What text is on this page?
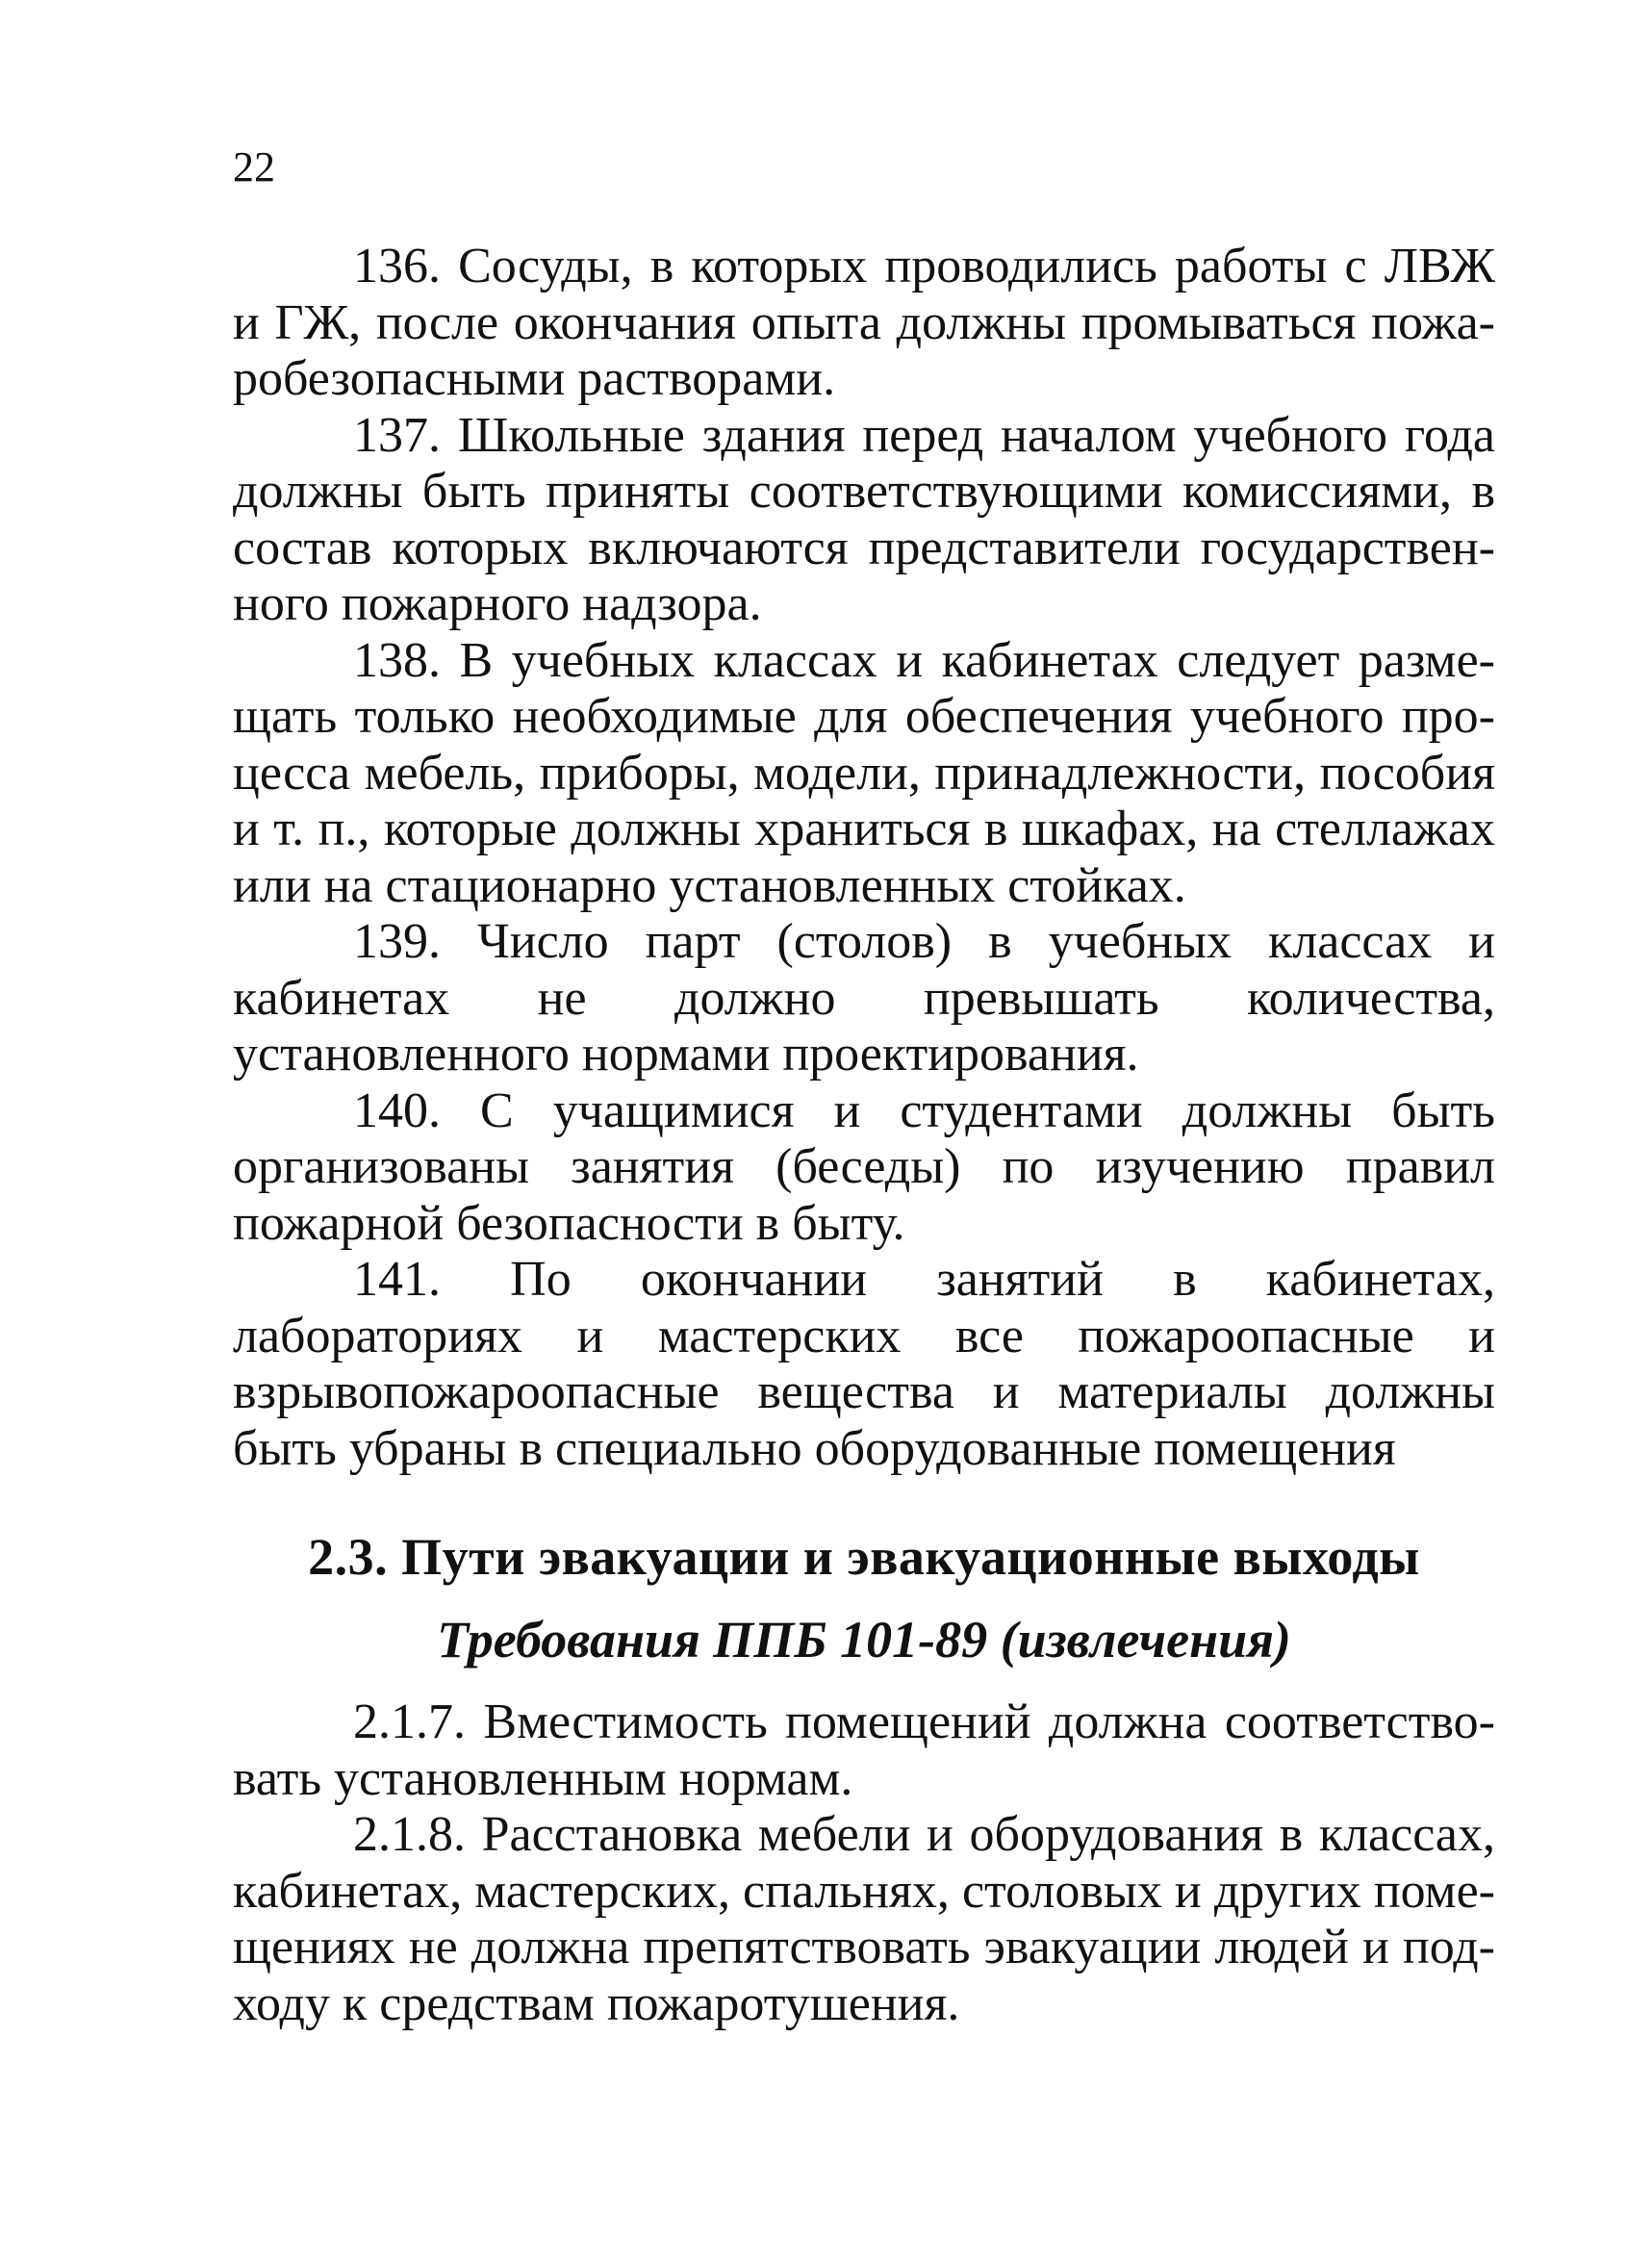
22

136. Сосуды, в которых проводились работы с ЛВЖ и ГЖ, после окончания опыта должны промываться пожаробезопасными растворами.

137. Школьные здания перед началом учебного года должны быть приняты соответствующими комиссиями, в состав которых включаются представители государственного пожарного надзора.

138. В учебных классах и кабинетах следует размещать только необходимые для обеспечения учебного процесса мебель, приборы, модели, принадлежности, пособия и т. п., которые должны храниться в шкафах, на стеллажах или на стационарно установленных стойках.

139. Число парт (столов) в учебных классах и кабинетах не должно превышать количества, установленного нормами проектирования.

140. С учащимися и студентами должны быть организованы занятия (беседы) по изучению правил пожарной безопасности в быту.

141. По окончании занятий в кабинетах, лабораториях и мастерских все пожароопасные и взрывопожароопасные вещества и материалы должны быть убраны в специально оборудованные помещения

2.3. Пути эвакуации и эвакуационные выходы
Требования ППБ 101-89 (извлечения)

2.1.7. Вместимость помещений должна соответствовать установленным нормам.

2.1.8. Расстановка мебели и оборудования в классах, кабинетах, мастерских, спальнях, столовых и других помещениях не должна препятствовать эвакуации людей и подходу к средствам пожаротушения.
